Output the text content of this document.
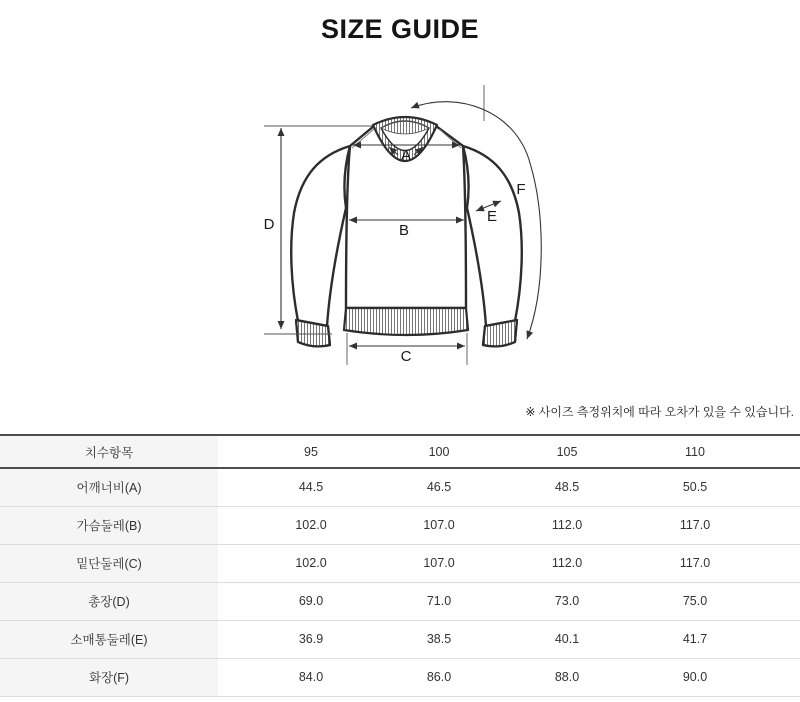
SIZE GUIDE
A
B
C
D	E
F
※ 사이즈 측정위치에 따라 오차가 있을 수 있습니다.
치수항목		95	100	105	110	
어깨너비(A)		44.5	46.5	48.5	50.5	
가슴둘레(B)		102.0	107.0	112.0	117.0	
밑단둘레(C)		102.0	107.0	112.0	117.0	
총장(D)		69.0	71.0	73.0	75.0	
소매통둘레(E)		36.9	38.5	40.1	41.7	
화장(F)		84.0	86.0	88.0	90.0	
